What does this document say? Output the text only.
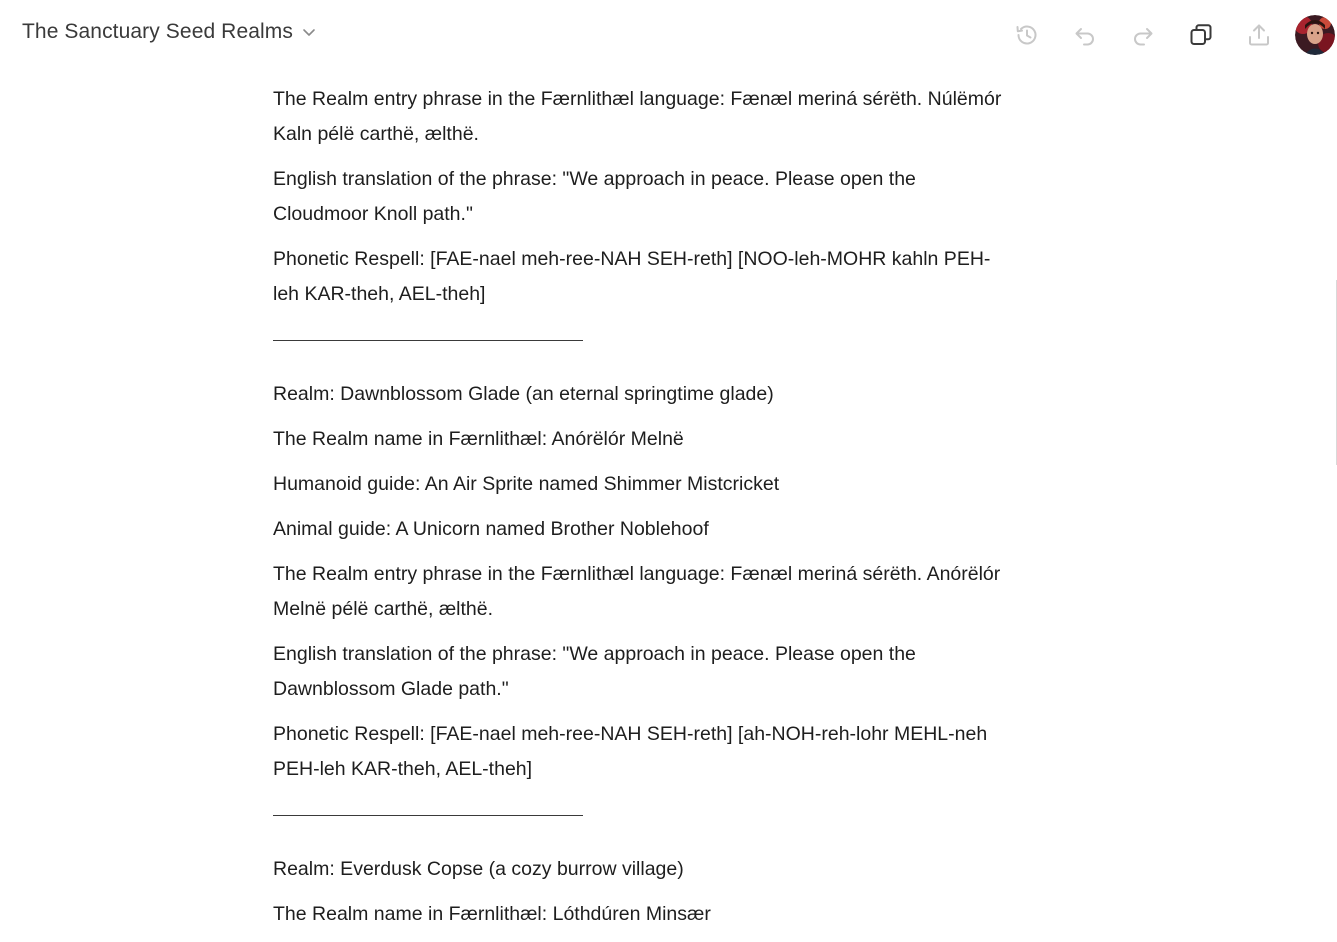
The Sanctuary Seed Realms

The Realm entry phrase in the Færnlithæl language: Fænæl meriná sérëth. Núlëmór Kaln pélë carthë, ælthë.

English translation of the phrase: "We approach in peace. Please open the Cloudmoor Knoll path."

Phonetic Respell: [FAE-nael meh-ree-NAH SEH-reth] [NOO-leh-MOHR kahln PEH-leh KAR-theh, AEL-theh]

Realm: Dawnblossom Glade (an eternal springtime glade)

The Realm name in Færnlithæl: Anórëlór Melnë

Humanoid guide: An Air Sprite named Shimmer Mistcricket

Animal guide: A Unicorn named Brother Noblehoof

The Realm entry phrase in the Færnlithæl language: Fænæl meriná sérëth. Anórëlór Melnë pélë carthë, ælthë.

English translation of the phrase: "We approach in peace. Please open the Dawnblossom Glade path."

Phonetic Respell: [FAE-nael meh-ree-NAH SEH-reth] [ah-NOH-reh-lohr MEHL-neh PEH-leh KAR-theh, AEL-theh]

Realm: Everdusk Copse (a cozy burrow village)

The Realm name in Færnlithæl: Lóthdúren Minsær
